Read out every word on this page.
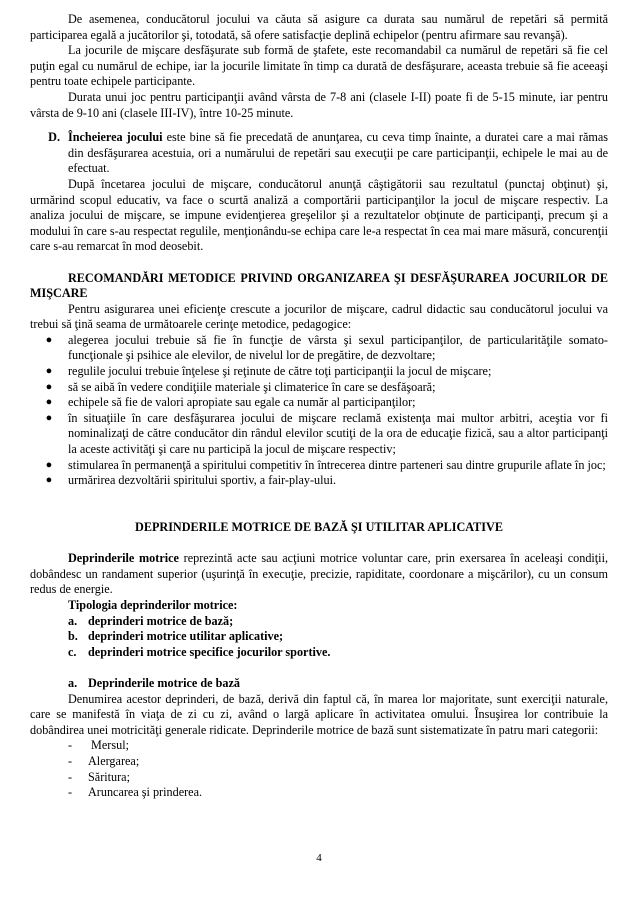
De asemenea, conducătorul jocului va căuta să asigure ca durata sau numărul de repetări să permită participarea egală a jucătorilor şi, totodată, să ofere satisfacţie deplină echipelor (pentru afirmare sau revanşă).

La jocurile de mişcare desfăşurate sub formă de ştafete, este recomandabil ca numărul de repetări să fie cel puţin egal cu numărul de echipe, iar la jocurile limitate în timp ca durată de desfăşurare, aceasta trebuie să fie aceeaşi pentru toate echipele participante.

Durata unui joc pentru participanţii având vârsta de 7-8 ani (clasele I-II) poate fi de 5-15 minute, iar pentru vârsta de 9-10 ani (clasele III-IV), între 10-25 minute.

D. Încheierea jocului este bine să fie precedată de anunţarea, cu ceva timp înainte, a duratei care a mai rămas din desfăşurarea acestuia, ori a numărului de repetări sau execuţii pe care participanţii, echipele le mai au de efectuat.

După încetarea jocului de mişcare, conducătorul anunţă câştigătorii sau rezultatul (punctaj obţinut) şi, urmărind scopul educativ, va face o scurtă analiză a comportării participanţilor la jocul de mişcare respectiv. La analiza jocului de mişcare, se impune evidenţierea greşelilor şi a rezultatelor obţinute de participanţi, precum şi a modului în care s-au respectat regulile, menţionându-se echipa care le-a respectat în cea mai mare măsură, concurenţii care s-au remarcat în mod deosebit.

RECOMANDĂRI METODICE PRIVIND ORGANIZAREA ŞI DESFĂŞURAREA JOCURILOR DE MIŞCARE

Pentru asigurarea unei eficienţe crescute a jocurilor de mişcare, cadrul didactic sau conducătorul jocului va trebui să ţină seama de următoarele cerinţe metodice, pedagogice:

●	alegerea jocului trebuie să fie în funcţie de vârsta şi sexul participanţilor, de particularităţile somato-funcţionale şi psihice ale elevilor, de nivelul lor de pregătire, de dezvoltare;
●	regulile jocului trebuie înţelese şi reţinute de către toţi participanţii la jocul de mişcare;
●	să se aibă în vedere condiţiile materiale şi climaterice în care se desfăşoară;
●	echipele să fie de valori apropiate sau egale ca număr al participanţilor;
●	în situaţiile în care desfăşurarea jocului de mişcare reclamă existenţa mai multor arbitri, aceştia vor fi nominalizaţi de către conducător din rândul elevilor scutiţi de la ora de educaţie fizică, sau a altor participanţi la aceste activităţi şi care nu participă la jocul de mişcare respectiv;
●	stimularea în permanenţă a spiritului competitiv în întrecerea dintre parteneri sau dintre grupurile aflate în joc;
●	urmărirea dezvoltării spiritului sportiv, a fair-play-ului.

DEPRINDERILE MOTRICE DE BAZĂ ŞI UTILITAR APLICATIVE

Deprinderile motrice reprezintă acte sau acţiuni motrice voluntar care, prin exersarea în aceleaşi condiţii, dobândesc un randament superior (uşurinţă în execuţie, precizie, rapiditate, coordonare a mişcărilor), cu un consum redus de energie.

Tipologia deprinderilor motrice:

a. deprinderi motrice de bază;
b. deprinderi motrice utilitar aplicative;
c. deprinderi motrice specifice jocurilor sportive.
a. Deprinderile motrice de bază

Denumirea acestor deprinderi, de bază, derivă din faptul că, în marea lor majoritate, sunt exerciţii naturale, care se manifestă în viaţa de zi cu zi, având o largă aplicare în activitatea omului. Însuşirea lor contribuie la dobândirea unei motricităţi generale ridicate. Deprinderile motrice de bază sunt sistematizate în patru mari categorii:

-	Mersul;
-	Alergarea;
-	Săritura;
-	Aruncarea şi prinderea.
4
